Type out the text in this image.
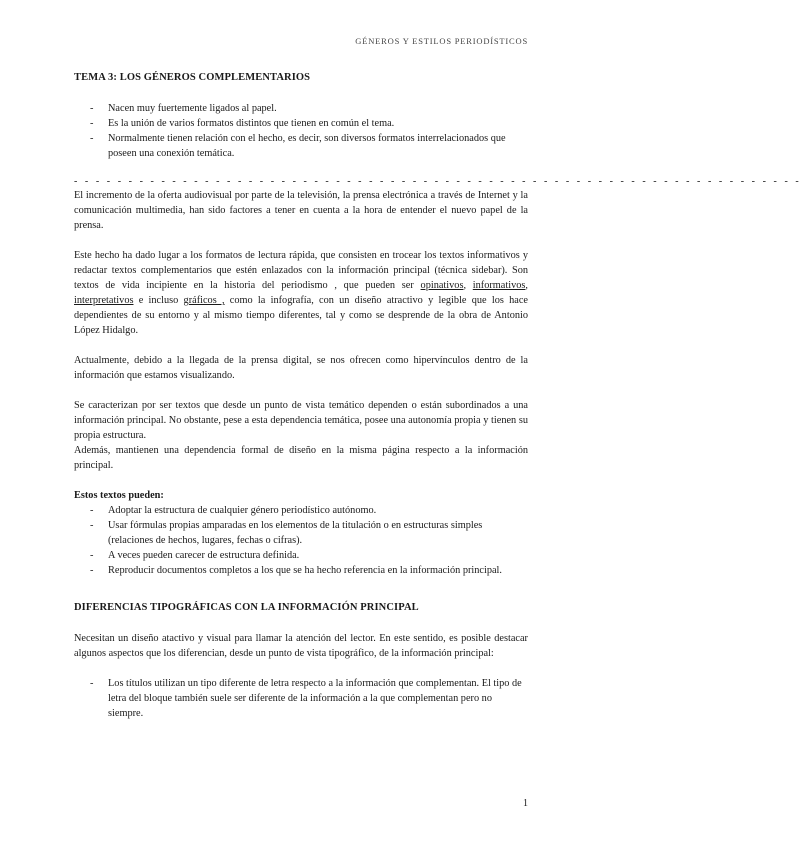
GÉNEROS Y ESTILOS PERIODÍSTICOS
TEMA 3: LOS GÉNEROS COMPLEMENTARIOS
- Nacen muy fuertemente ligados al papel.
- Es la unión de varios formatos distintos que tienen en común el tema.
- Normalmente tienen relación con el hecho, es decir, son diversos formatos interrelacionados que poseen una conexión temática.
- - - - - - - - - - - - - - - - - - - - - - - - - - - - - - - - - - - - - - - - - - - - - - - - - - - - - - - - - - - - - - - - - - -

El incremento de la oferta audiovisual por parte de la televisión, la prensa electrónica a través de Internet y la comunicación multimedia, han sido factores a tener en cuenta a la hora de entender el nuevo papel de la prensa.

Este hecho ha dado lugar a los formatos de lectura rápida, que consisten en trocear los textos informativos y redactar textos complementarios que estén enlazados con la información principal (técnica sidebar). Son textos de vida incipiente en la historia del periodismo , que pueden ser opinativos, informativos, interpretativos e incluso gráficos , como la infografía, con un diseño atractivo y legible que los hace dependientes de su entorno y al mismo tiempo diferentes, tal y como se desprende de la obra de Antonio López Hidalgo.

Actualmente, debido a la llegada de la prensa digital, se nos ofrecen como hipervínculos dentro de la información que estamos visualizando.

Se caracterizan por ser textos que desde un punto de vista temático dependen o están subordinados a una información principal. No obstante, pese a esta dependencia temática, posee una autonomía propia y tienen su propia estructura.

Además, mantienen una dependencia formal de diseño en la misma página respecto a la información principal.

Estos textos pueden:
- Adoptar la estructura de cualquier género periodístico autónomo.
- Usar fórmulas propias amparadas en los elementos de la titulación o en estructuras simples (relaciones de hechos, lugares, fechas o cifras).
- A veces pueden carecer de estructura definida.
- Reproducir documentos completos a los que se ha hecho referencia en la información principal.
DIFERENCIAS TIPOGRÁFICAS CON LA INFORMACIÓN PRINCIPAL

Necesitan un diseño atactivo y visual para llamar la atención del lector. En este sentido, es posible destacar algunos aspectos que los diferencian, desde un punto de vista tipográfico, de la información principal:

- Los títulos utilizan un tipo diferente de letra respecto a la información que complementan. El tipo de letra del bloque también suele ser diferente de la información a la que complementan pero no siempre.
1
